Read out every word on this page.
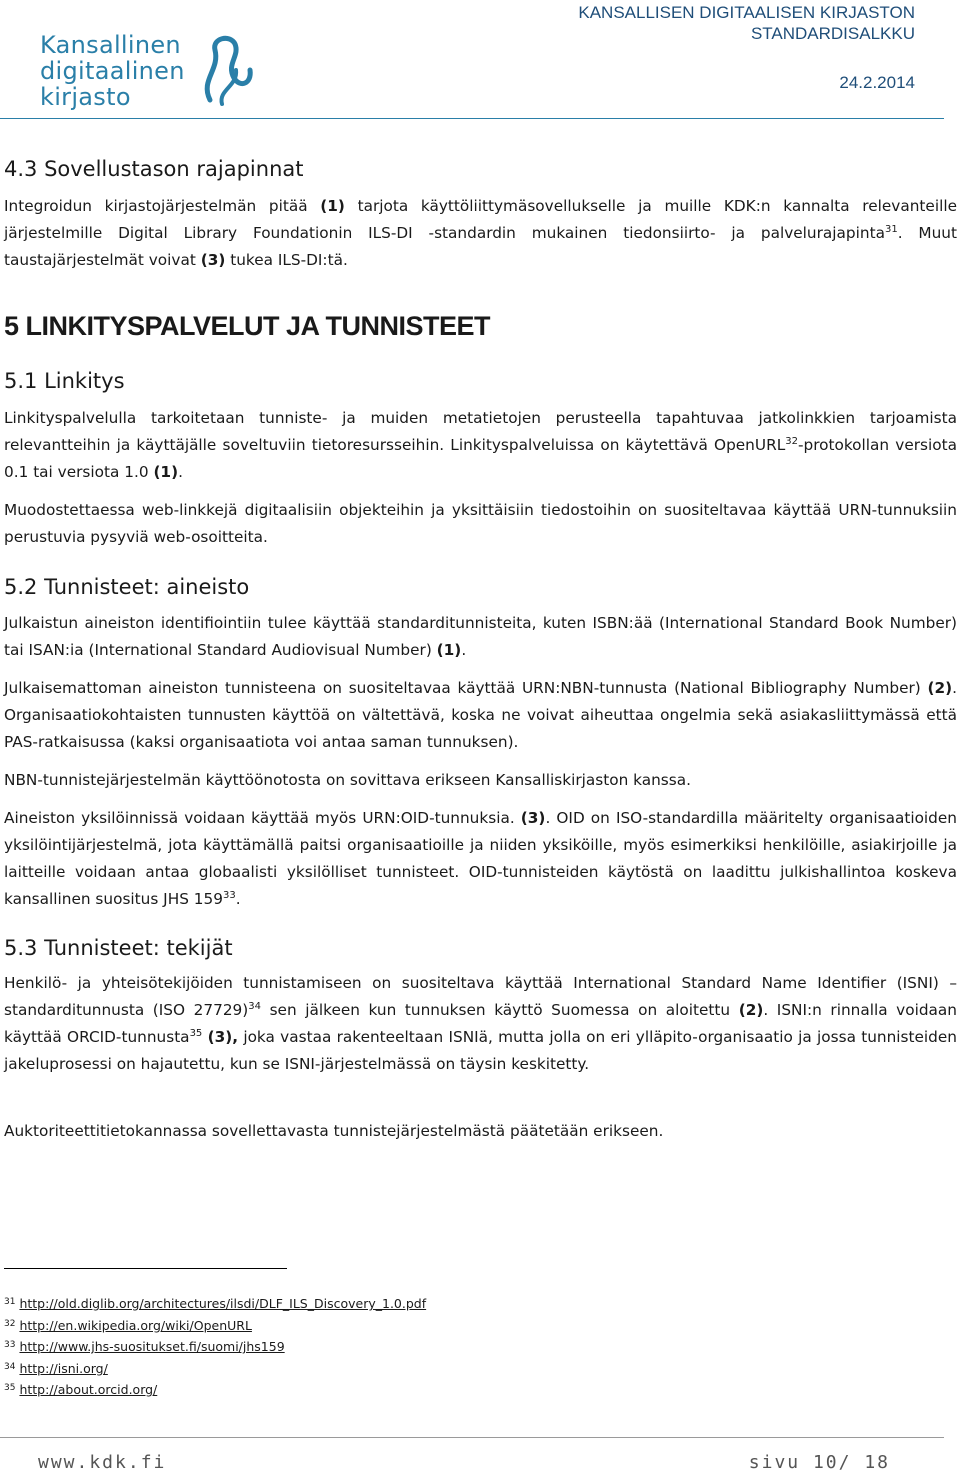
Kansallinen
digitaalinen
kirjasto
KANSALLISEN DIGITAALISEN KIRJASTON
STANDARDISALKKU
24.2.2014
4.3 Sovellustason rajapinnat

Integroidun kirjastojärjestelmän pitää (1) tarjota käyttöliittymäsovellukselle ja muille KDK:n kannalta relevanteille järjestelmille Digital Library Foundationin ILS-DI -standardin mukainen tiedonsiirto- ja palvelurajapinta$^{31}$. Muut taustajärjestelmät voivat (3) tukea ILS-DI:tä.

5 LINKITYSPALVELUT JA TUNNISTEET
5.1 Linkitys

Linkityspalvelulla tarkoitetaan tunniste- ja muiden metatietojen perusteella tapahtuvaa jatkolinkkien tarjoamista relevantteihin ja käyttäjälle soveltuviin tietoresursseihin. Linkityspalveluissa on käytettävä OpenURL$^{32}$-protokollan versiota 0.1 tai versiota 1.0 (1).

Muodostettaessa web-linkkejä digitaalisiin objekteihin ja yksittäisiin tiedostoihin on suositeltavaa käyttää URN-tunnuksiin perustuvia pysyviä web-osoitteita.

5.2 Tunnisteet: aineisto

Julkaistun aineiston identifiointiin tulee käyttää standarditunnisteita, kuten ISBN:ää (International Standard Book Number) tai ISAN:ia (International Standard Audiovisual Number) (1).

Julkaisemattoman aineiston tunnisteena on suositeltavaa käyttää URN:NBN-tunnusta (National Bibliography Number) (2). Organisaatiokohtaisten tunnusten käyttöä on vältettävä, koska ne voivat aiheuttaa ongelmia sekä asiakasliittymässä että PAS-ratkaisussa (kaksi organisaatiota voi antaa saman tunnuksen).

NBN-tunnistejärjestelmän käyttöönotosta on sovittava erikseen Kansalliskirjaston kanssa.

Aineiston yksilöinnissä voidaan käyttää myös URN:OID-tunnuksia. (3). OID on ISO-standardilla määritelty organisaatioiden yksilöintijärjestelmä, jota käyttämällä paitsi organisaatioille ja niiden yksiköille, myös esimerkiksi henkilöille, asiakirjoille ja laitteille voidaan antaa globaalisti yksilölliset tunnisteet. OID-tunnisteiden käytöstä on laadittu julkishallintoa koskeva kansallinen suositus JHS $159^{33}$.

5.3 Tunnisteet: tekijät

Henkilö- ja yhteisötekijöiden tunnistamiseen on suositeltava käyttää International Standard Name Identifier (ISNI) –standarditunnusta (ISO 27729)$^{34}$ sen jälkeen kun tunnuksen käyttö Suomessa on aloitettu (2). ISNI:n rinnalla voidaan käyttää ORCID-tunnusta$^{35}$ (3), joka vastaa rakenteeltaan ISNIä, mutta jolla on eri ylläpito-organisaatio ja jossa tunnisteiden jakeluprosessi on hajautettu, kun se ISNI-järjestelmässä on täysin keskitetty.

Auktoriteettitietokannassa sovellettavasta tunnistejärjestelmästä päätetään erikseen.

$^{31}$ http://old.diglib.org/architectures/ilsdi/DLF_ILS_Discovery_1.0.pdf
$^{32}$ http://en.wikipedia.org/wiki/OpenURL
$^{33}$ http://www.jhs-suositukset.fi/suomi/jhs159
$^{34}$ http://isni.org/
$^{35}$ http://about.orcid.org/
www.kdk.fi	sivu 10/ 18
